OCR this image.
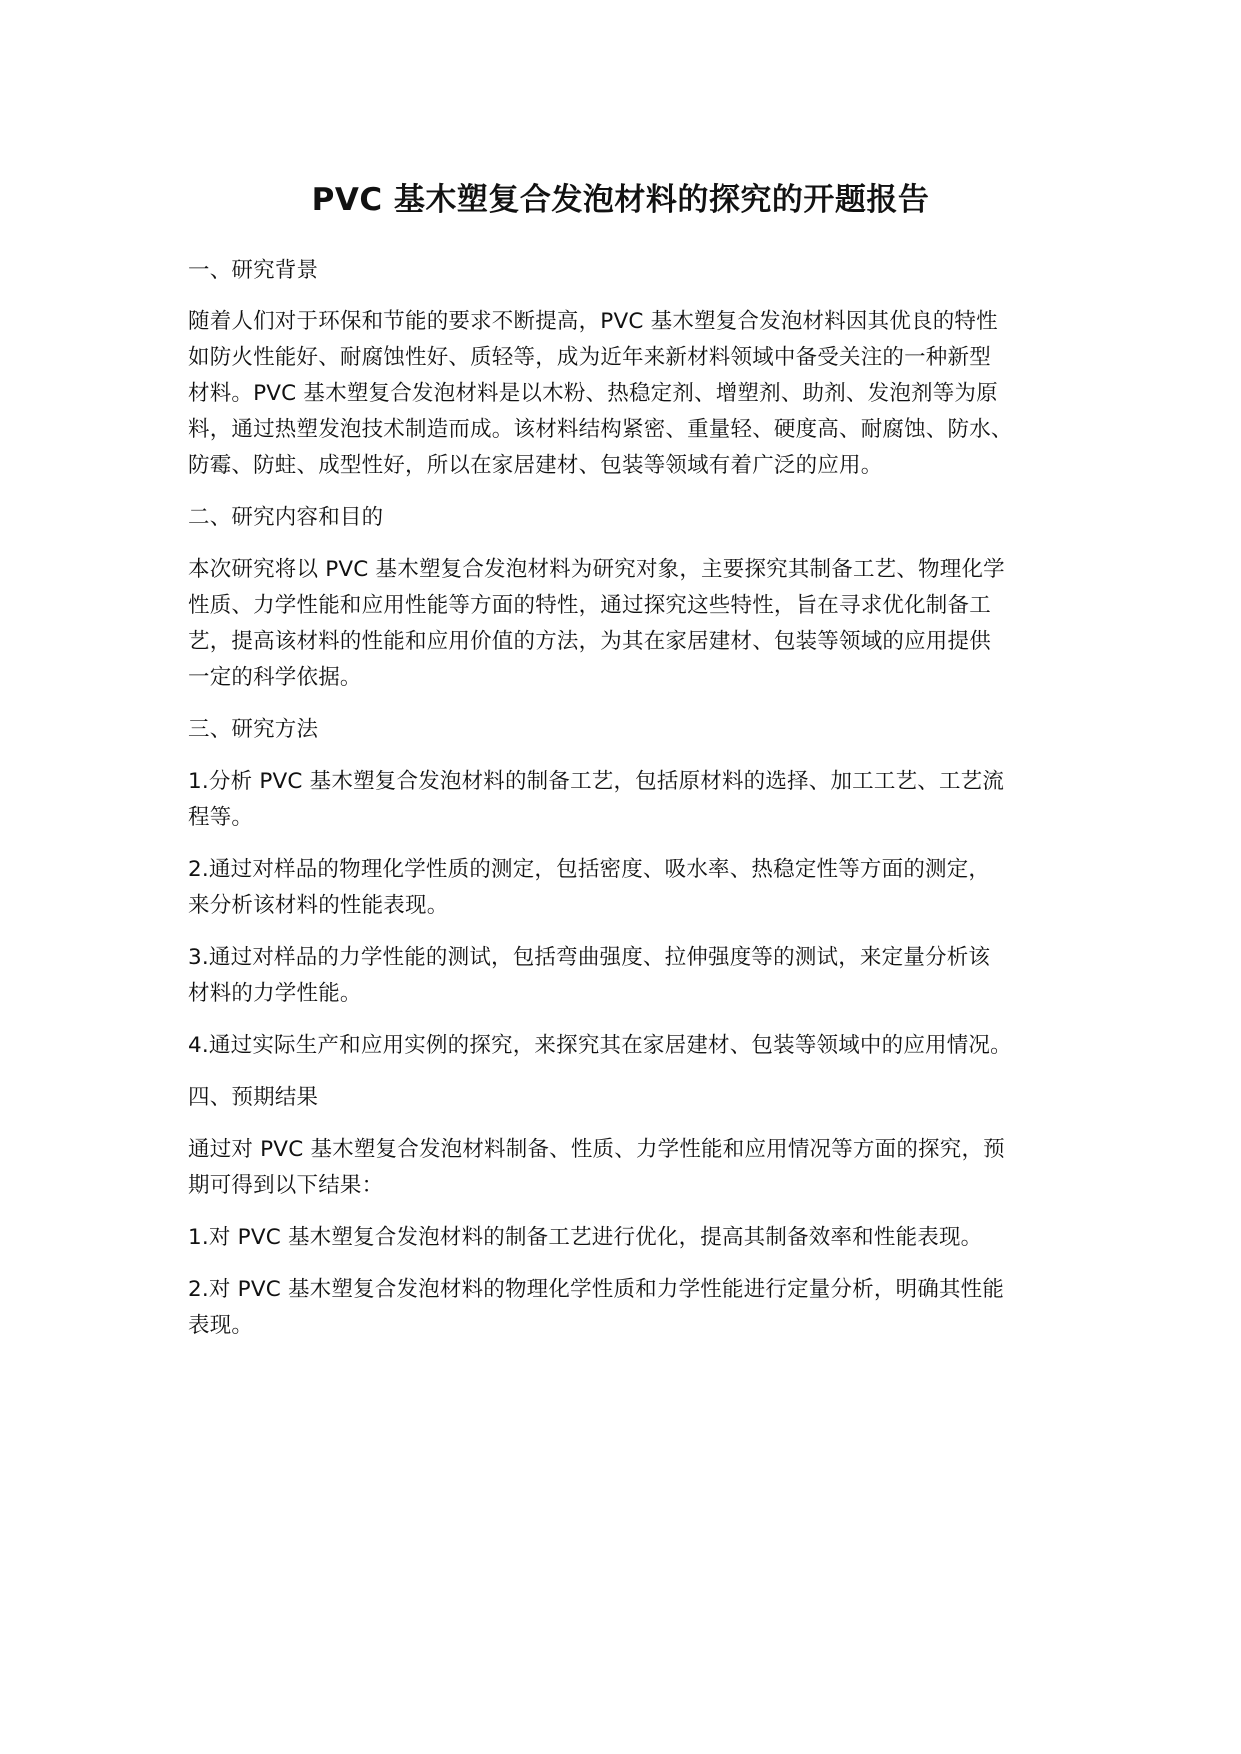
PVC 基木塑复合发泡材料的探究的开题报告
一、研究背景
随着人们对于环保和节能的要求不断提高，PVC 基木塑复合发泡材料因其优良的特性
如防火性能好、耐腐蚀性好、质轻等，成为近年来新材料领域中备受关注的一种新型
材料。PVC 基木塑复合发泡材料是以木粉、热稳定剂、增塑剂、助剂、发泡剂等为原
料，通过热塑发泡技术制造而成。该材料结构紧密、重量轻、硬度高、耐腐蚀、防水、
防霉、防蛀、成型性好，所以在家居建材、包装等领域有着广泛的应用。
二、研究内容和目的
本次研究将以 PVC 基木塑复合发泡材料为研究对象，主要探究其制备工艺、物理化学
性质、力学性能和应用性能等方面的特性，通过探究这些特性，旨在寻求优化制备工
艺，提高该材料的性能和应用价值的方法，为其在家居建材、包装等领域的应用提供
一定的科学依据。
三、研究方法
1.分析 PVC 基木塑复合发泡材料的制备工艺，包括原材料的选择、加工工艺、工艺流
程等。
2.通过对样品的物理化学性质的测定，包括密度、吸水率、热稳定性等方面的测定，
来分析该材料的性能表现。
3.通过对样品的力学性能的测试，包括弯曲强度、拉伸强度等的测试，来定量分析该
材料的力学性能。
4.通过实际生产和应用实例的探究，来探究其在家居建材、包装等领域中的应用情况。
四、预期结果
通过对 PVC 基木塑复合发泡材料制备、性质、力学性能和应用情况等方面的探究，预
期可得到以下结果：
1.对 PVC 基木塑复合发泡材料的制备工艺进行优化，提高其制备效率和性能表现。
2.对 PVC 基木塑复合发泡材料的物理化学性质和力学性能进行定量分析，明确其性能
表现。
